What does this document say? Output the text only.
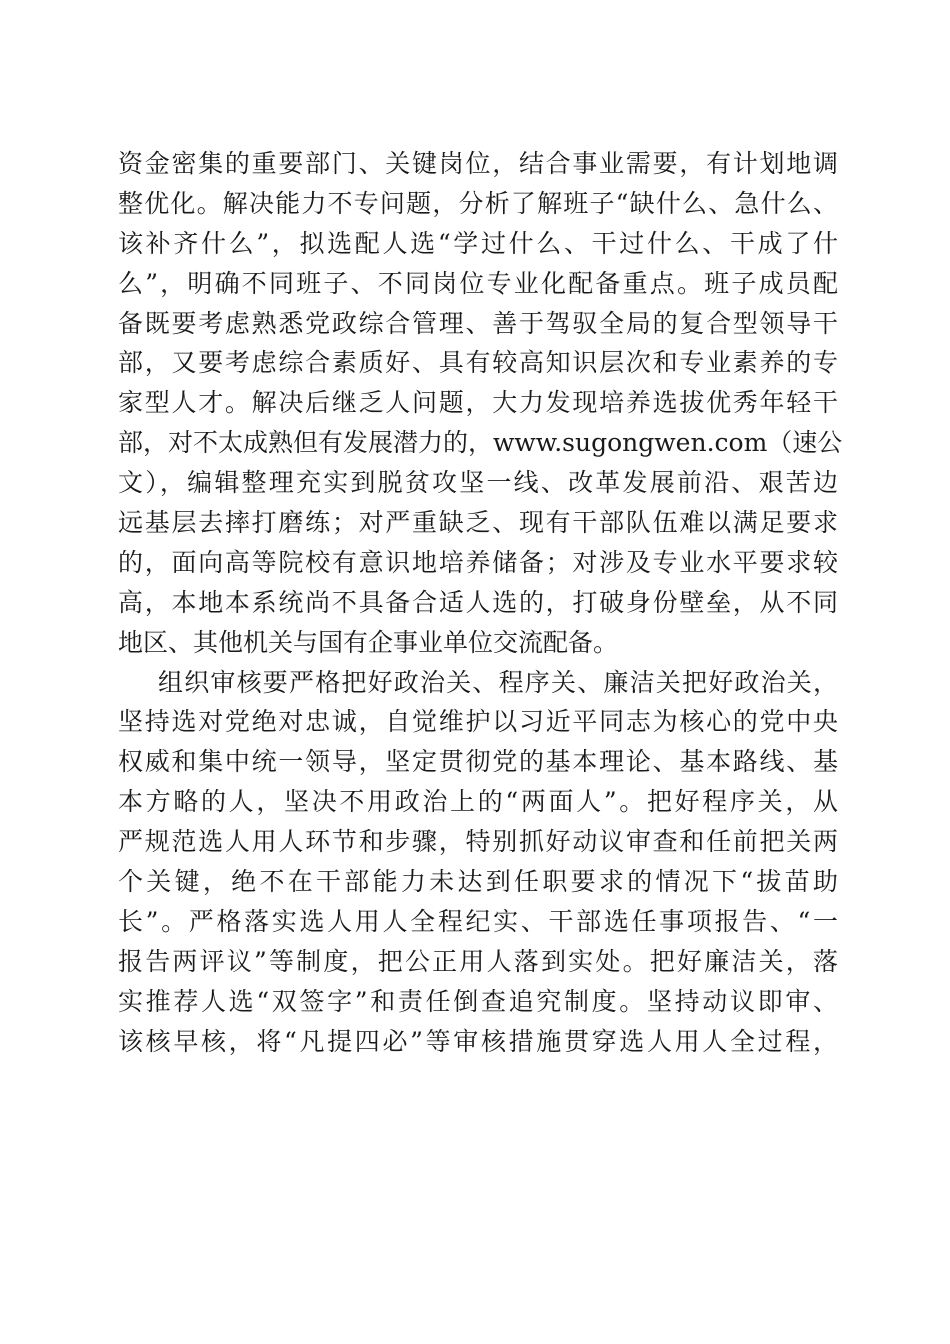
资金密集的重要部门、关键岗位，结合事业需要，有计划地调
整优化。解决能力不专问题，分析了解班子“缺什么、急什么、
该补齐什么”，拟选配人选“学过什么、干过什么、干成了什
么”，明确不同班子、不同岗位专业化配备重点。班子成员配
备既要考虑熟悉党政综合管理、善于驾驭全局的复合型领导干
部，又要考虑综合素质好、具有较高知识层次和专业素养的专
家型人才。解决后继乏人问题，大力发现培养选拔优秀年轻干
部，对不太成熟但有发展潜力的，www.sugongwen.com（速公
文），编辑整理充实到脱贫攻坚一线、改革发展前沿、艰苦边
远基层去摔打磨练；对严重缺乏、现有干部队伍难以满足要求
的，面向高等院校有意识地培养储备；对涉及专业水平要求较
高，本地本系统尚不具备合适人选的，打破身份壁垒，从不同
地区、其他机关与国有企事业单位交流配备。
组织审核要严格把好政治关、程序关、廉洁关把好政治关，
坚持选对党绝对忠诚，自觉维护以习近平同志为核心的党中央
权威和集中统一领导，坚定贯彻党的基本理论、基本路线、基
本方略的人，坚决不用政治上的“两面人”。把好程序关，从
严规范选人用人环节和步骤，特别抓好动议审查和任前把关两
个关键，绝不在干部能力未达到任职要求的情况下“拔苗助
长”。严格落实选人用人全程纪实、干部选任事项报告、“一
报告两评议”等制度，把公正用人落到实处。把好廉洁关，落
实推荐人选“双签字”和责任倒查追究制度。坚持动议即审、
该核早核，将“凡提四必”等审核措施贯穿选人用人全过程，
